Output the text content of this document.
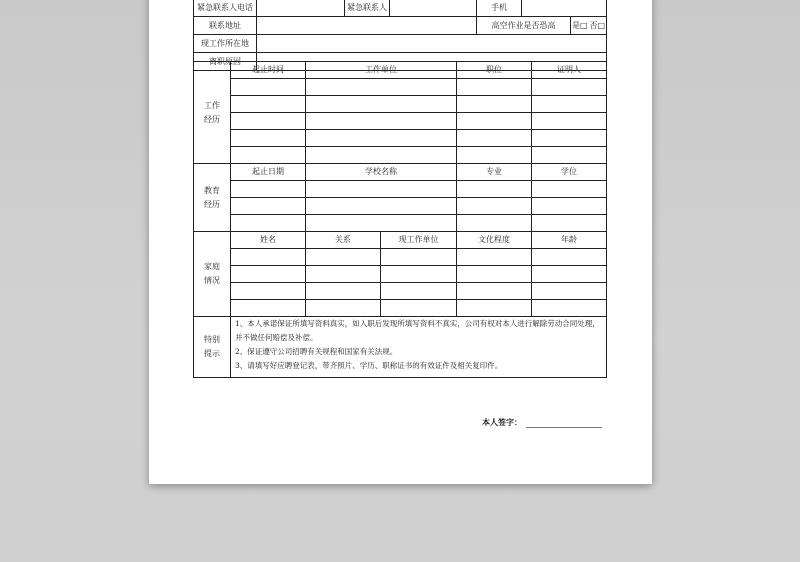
紧急联系人电话		紧急联系人		手机	
联系地址				高空作业是否恐高 是□ 否□	

现工作所在地					
离职原因					
工作经历	起止时间	工作单位		职位	证明人

教育经历	起止日期	学校名称		专业	学位

家庭情况	姓名	关系	现工作单位	文化程度	年龄

特别提示	1、本人承诺保证所填写资料真实，如入职后发现所填写资料不真实，公司有权对本人进行解除劳动合同处理，并不做任何赔偿及补偿。
2、保证遵守公司招聘有关规程和国家有关法规。
3、请填写好应聘登记表，带齐照片、学历、职称证书的有效证件及相关复印件。				
本人签字：
